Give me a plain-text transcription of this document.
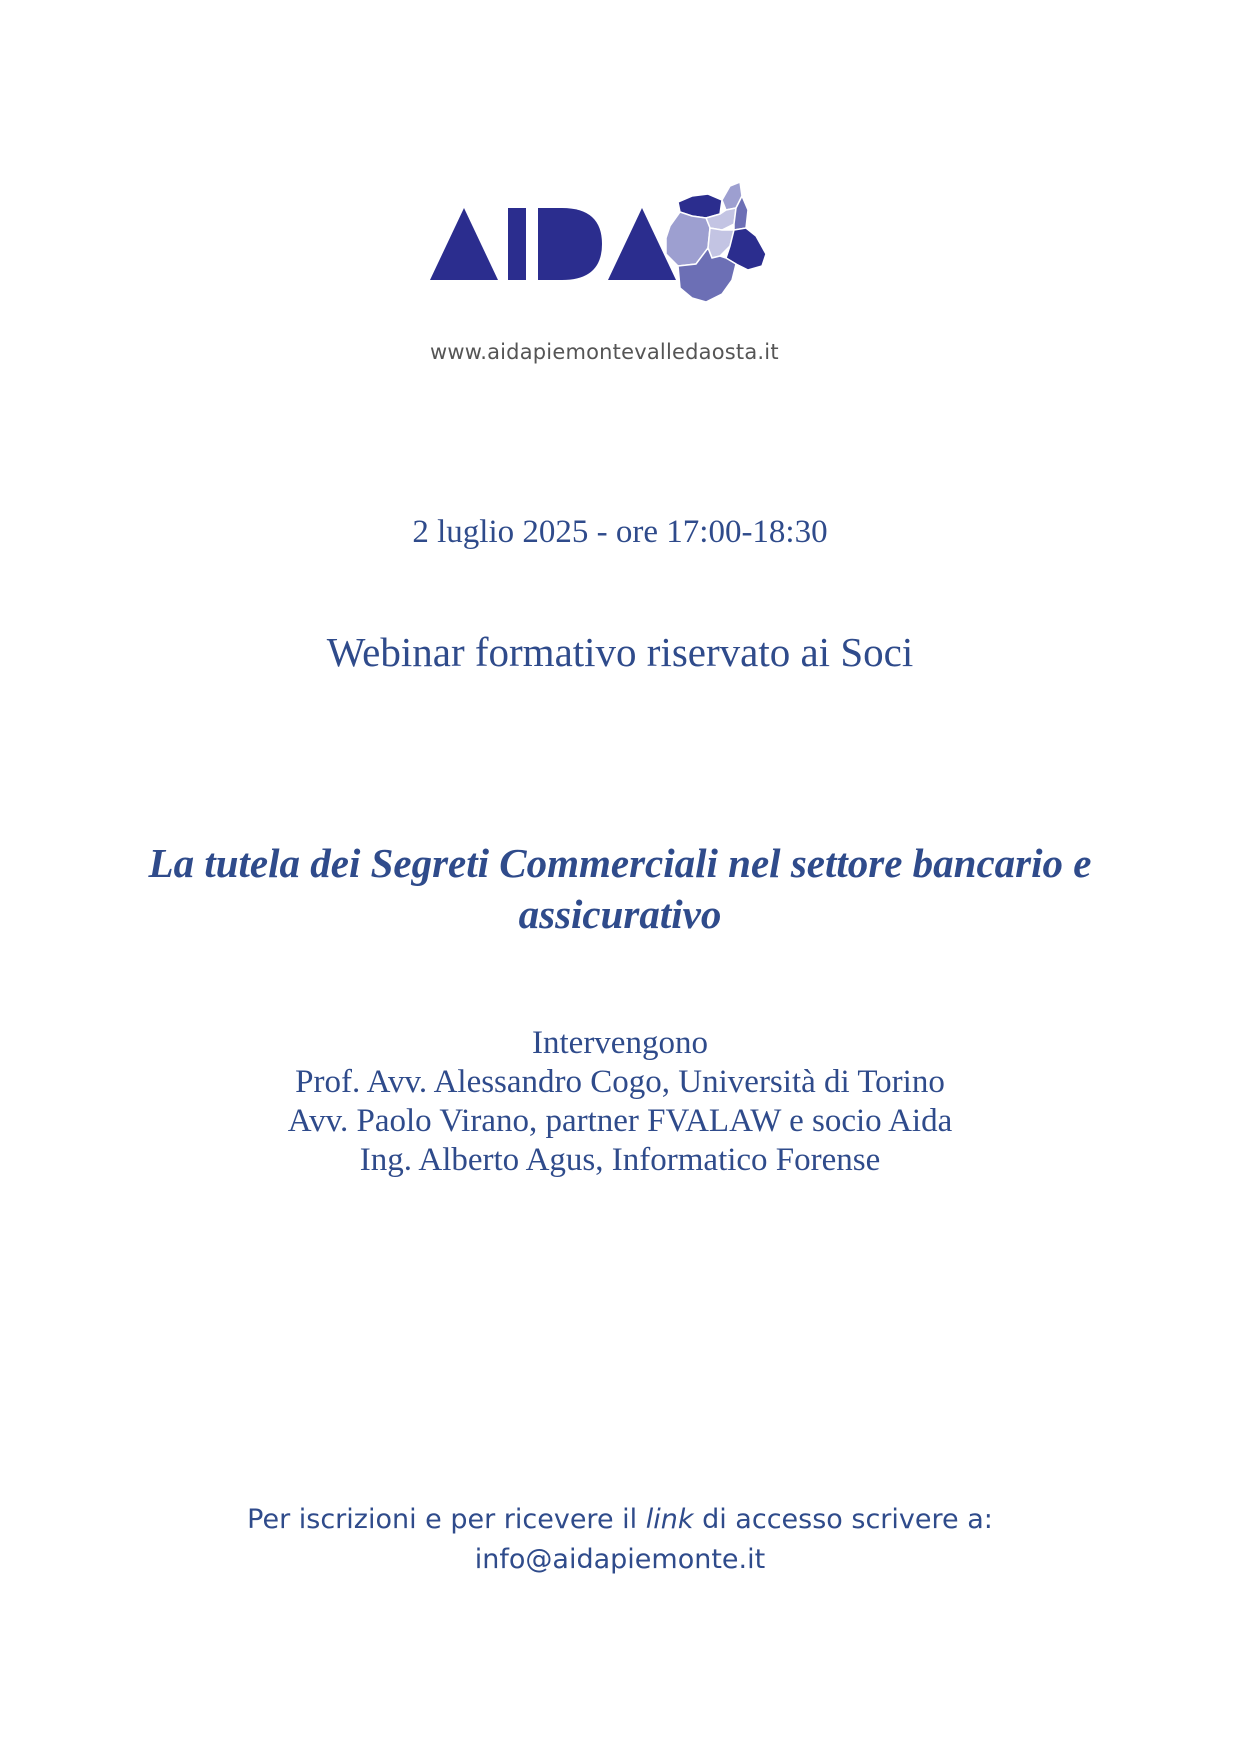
www.aidapiemontevalledaosta.it
2 luglio 2025 - ore 17:00-18:30
Webinar formativo riservato ai Soci
La tutela dei Segreti Commerciali nel settore bancario e
assicurativo
Intervengono
Prof. Avv. Alessandro Cogo, Università di Torino
Avv. Paolo Virano, partner FVALAW e socio Aida
Ing. Alberto Agus, Informatico Forense
Per iscrizioni e per ricevere il link di accesso scrivere a:
info@aidapiemonte.it
